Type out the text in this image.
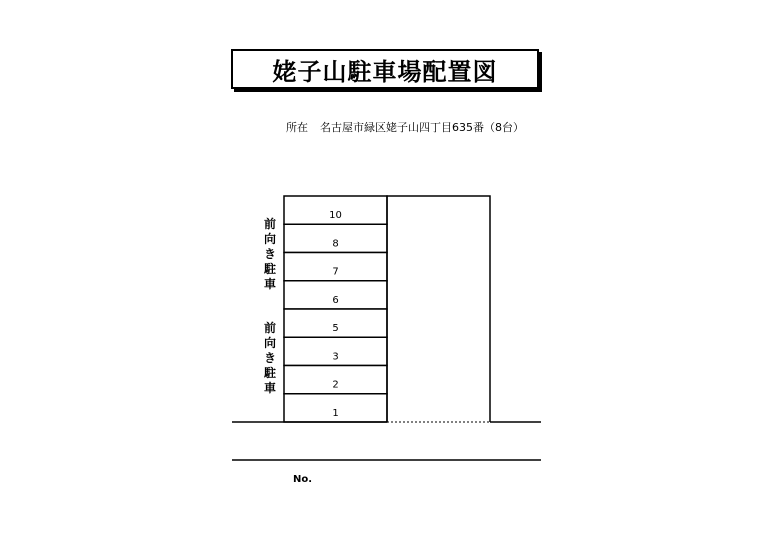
姥子山駐車場配置図
所在 名古屋市緑区姥子山四丁目635番（8台）
前
向
き
駐
車
前
向
き
駐
車
10
8
7
6
5
3
2
1
No.
